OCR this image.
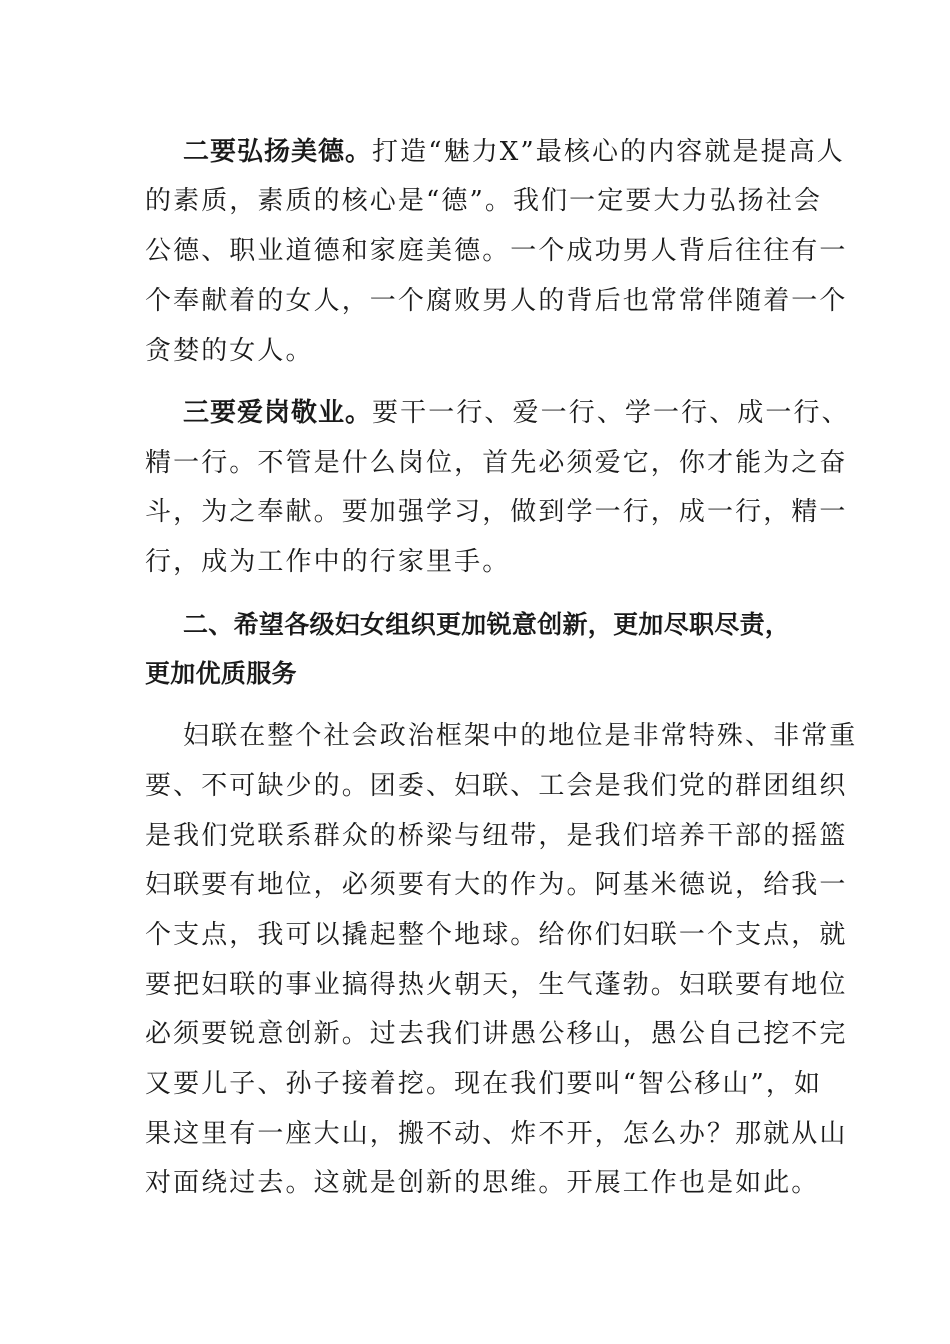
二要弘扬美德。打造“魅力X”最核心的内容就是提高人
的素质，素质的核心是“德”。我们一定要大力弘扬社会
公德、职业道德和家庭美德。一个成功男人背后往往有一
个奉献着的女人，一个腐败男人的背后也常常伴随着一个
贪婪的女人。
三要爱岗敬业。要干一行、爱一行、学一行、成一行、
精一行。不管是什么岗位，首先必须爱它，你才能为之奋
斗，为之奉献。要加强学习，做到学一行，成一行，精一
行，成为工作中的行家里手。
二、希望各级妇女组织更加锐意创新，更加尽职尽责，
更加优质服务
妇联在整个社会政治框架中的地位是非常特殊、非常重
要、不可缺少的。团委、妇联、工会是我们党的群团组织
是我们党联系群众的桥梁与纽带，是我们培养干部的摇篮
妇联要有地位，必须要有大的作为。阿基米德说，给我一
个支点，我可以撬起整个地球。给你们妇联一个支点，就
要把妇联的事业搞得热火朝天，生气蓬勃。妇联要有地位
必须要锐意创新。过去我们讲愚公移山，愚公自己挖不完
又要儿子、孙子接着挖。现在我们要叫“智公移山”，如
果这里有一座大山，搬不动、炸不开，怎么办？那就从山
对面绕过去。这就是创新的思维。开展工作也是如此。
